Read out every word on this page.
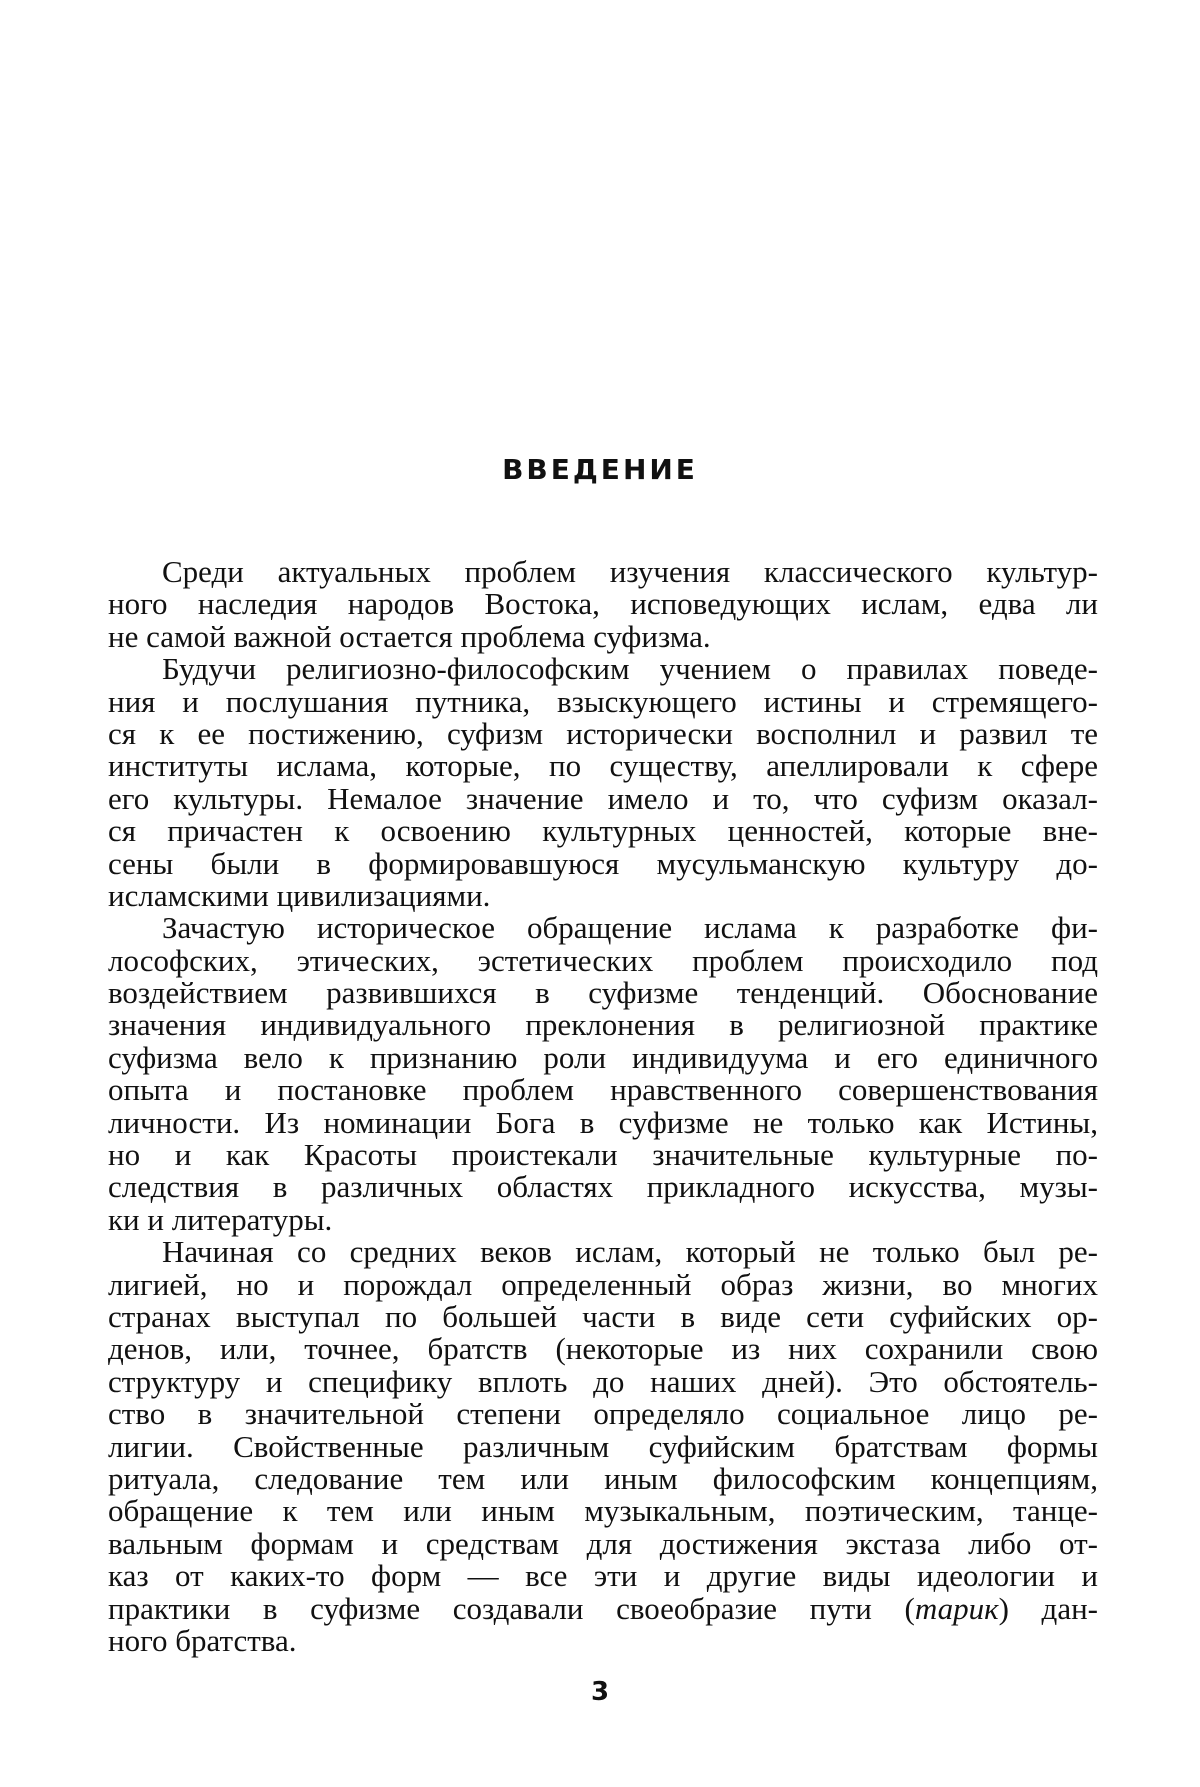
ВВЕДЕНИЕ
Среди актуальных проблем изучения классического культур-
ного наследия народов Востока, исповедующих ислам, едва ли
не самой важной остается проблема суфизма.
Будучи религиозно-философским учением о правилах поведе-
ния и послушания путника, взыскующего истины и стремящего-
ся к ее постижению, суфизм исторически восполнил и развил те
институты ислама, которые, по существу, апеллировали к сфере
его культуры. Немалое значение имело и то, что суфизм оказал-
ся причастен к освоению культурных ценностей, которые вне-
сены были в формировавшуюся мусульманскую культуру до-
исламскими цивилизациями.
Зачастую историческое обращение ислама к разработке фи-
лософских, этических, эстетических проблем происходило под
воздействием развившихся в суфизме тенденций. Обоснование
значения индивидуального преклонения в религиозной практике
суфизма вело к признанию роли индивидуума и его единичного
опыта и постановке проблем нравственного совершенствования
личности. Из номинации Бога в суфизме не только как Истины,
но и как Красоты проистекали значительные культурные по-
следствия в различных областях прикладного искусства, музы-
ки и литературы.
Начиная со средних веков ислам, который не только был ре-
лигией, но и порождал определенный образ жизни, во многих
странах выступал по большей части в виде сети суфийских ор-
денов, или, точнее, братств (некоторые из них сохранили свою
структуру и специфику вплоть до наших дней). Это обстоятель-
ство в значительной степени определяло социальное лицо ре-
лигии. Свойственные различным суфийским братствам формы
ритуала, следование тем или иным философским концепциям,
обращение к тем или иным музыкальным, поэтическим, танце-
вальным формам и средствам для достижения экстаза либо от-
каз от каких-то форм — все эти и другие виды идеологии и
практики в суфизме создавали своеобразие пути (тарик) дан-
ного братства.
3
